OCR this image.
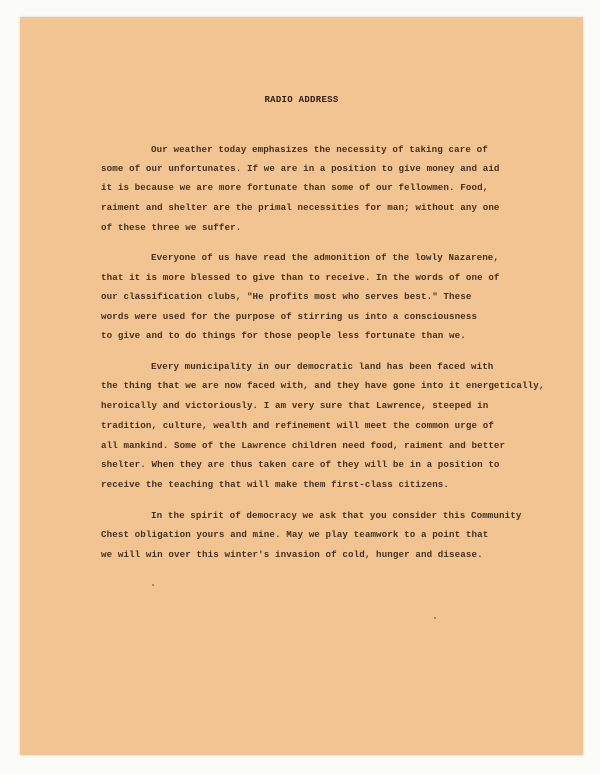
RADIO ADDRESS
Our weather today emphasizes the necessity of taking care of
some of our unfortunates. If we are in a position to give money and aid
it is because we are more fortunate than some of our fellowmen. Food,
raiment and shelter are the primal necessities for man; without any one
of these three we suffer.
Everyone of us have read the admonition of the lowly Nazarene,
that it is more blessed to give than to receive. In the words of one of
our classification clubs, "He profits most who serves best." These
words were used for the purpose of stirring us into a consciousness
to give and to do things for those people less fortunate than we.
Every municipality in our democratic land has been faced with
the thing that we are now faced with, and they have gone into it energetically,
heroically and victoriously. I am very sure that Lawrence, steeped in
tradition, culture, wealth and refinement will meet the common urge of
all mankind. Some of the Lawrence children need food, raiment and better
shelter. When they are thus taken care of they will be in a position to
receive the teaching that will make them first-class citizens.
In the spirit of democracy we ask that you consider this Community
Chest obligation yours and mine. May we play teamwork to a point that
we will win over this winter's invasion of cold, hunger and disease.
